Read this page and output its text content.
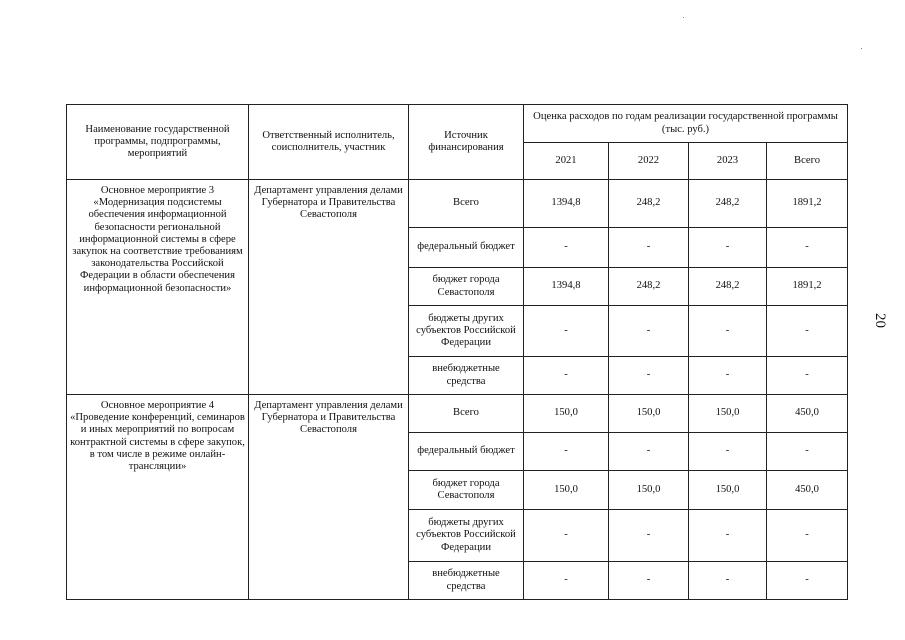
Наименование государственной программы, подпрограммы, мероприятий	Ответственный исполнитель, соисполнитель, участник	Источник финансирования	Оценка расходов по годам реализации государственной программы (тыс. руб.)			
			2021	2022	2023	Всего
Основное мероприятие 3 «Модернизация подсистемы обеспечения информационной безопасности региональной информационной системы в сфере закупок на соответствие требованиям законодательства Российской Федерации в области обеспечения информационной безопасности»	Департамент управления делами Губернатора и Правительства Севастополя	Всего	1394,8	248,2	248,2	1891,2
		федеральный бюджет	-	-	-	-
		бюджет города Севастополя	1394,8	248,2	248,2	1891,2
		бюджеты других субъектов Российской Федерации	-	-	-	-
		внебюджетные средства	-	-	-	-
Основное мероприятие 4 «Проведение конференций, семинаров и иных мероприятий по вопросам контрактной системы в сфере закупок, в том числе в режиме онлайн-трансляции»	Департамент управления делами Губернатора и Правительства Севастополя	Всего	150,0	150,0	150,0	450,0
		федеральный бюджет	-	-	-	-
		бюджет города Севастополя	150,0	150,0	150,0	450,0
		бюджеты других субъектов Российской Федерации	-	-	-	-
		внебюджетные средства	-	-	-	-
20
